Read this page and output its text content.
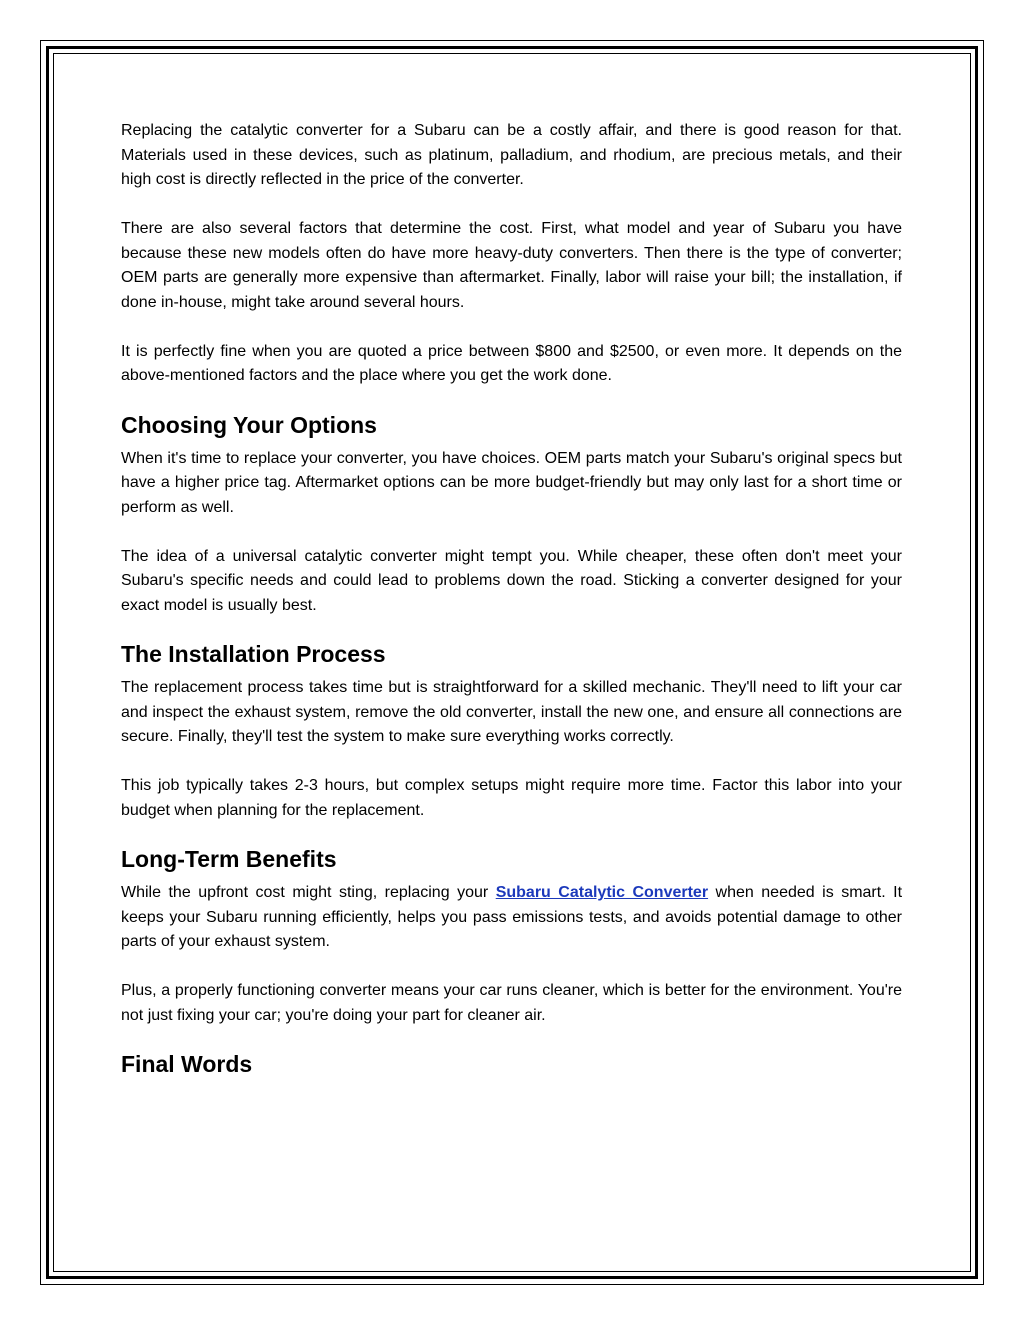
Replacing the catalytic converter for a Subaru can be a costly affair, and there is good reason for that. Materials used in these devices, such as platinum, palladium, and rhodium, are precious metals, and their high cost is directly reflected in the price of the converter.

There are also several factors that determine the cost. First, what model and year of Subaru you have because these new models often do have more heavy-duty converters. Then there is the type of converter; OEM parts are generally more expensive than aftermarket. Finally, labor will raise your bill; the installation, if done in-house, might take around several hours.

It is perfectly fine when you are quoted a price between $800 and $2500, or even more. It depends on the above-mentioned factors and the place where you get the work done.

Choosing Your Options

When it's time to replace your converter, you have choices. OEM parts match your Subaru's original specs but have a higher price tag. Aftermarket options can be more budget-friendly but may only last for a short time or perform as well.

The idea of a universal catalytic converter might tempt you. While cheaper, these often don't meet your Subaru's specific needs and could lead to problems down the road. Sticking a converter designed for your exact model is usually best.

The Installation Process

The replacement process takes time but is straightforward for a skilled mechanic. They'll need to lift your car and inspect the exhaust system, remove the old converter, install the new one, and ensure all connections are secure. Finally, they'll test the system to make sure everything works correctly.

This job typically takes 2-3 hours, but complex setups might require more time. Factor this labor into your budget when planning for the replacement.

Long-Term Benefits

While the upfront cost might sting, replacing your Subaru Catalytic Converter when needed is smart. It keeps your Subaru running efficiently, helps you pass emissions tests, and avoids potential damage to other parts of your exhaust system.

Plus, a properly functioning converter means your car runs cleaner, which is better for the environment. You're not just fixing your car; you're doing your part for cleaner air.

Final Words
